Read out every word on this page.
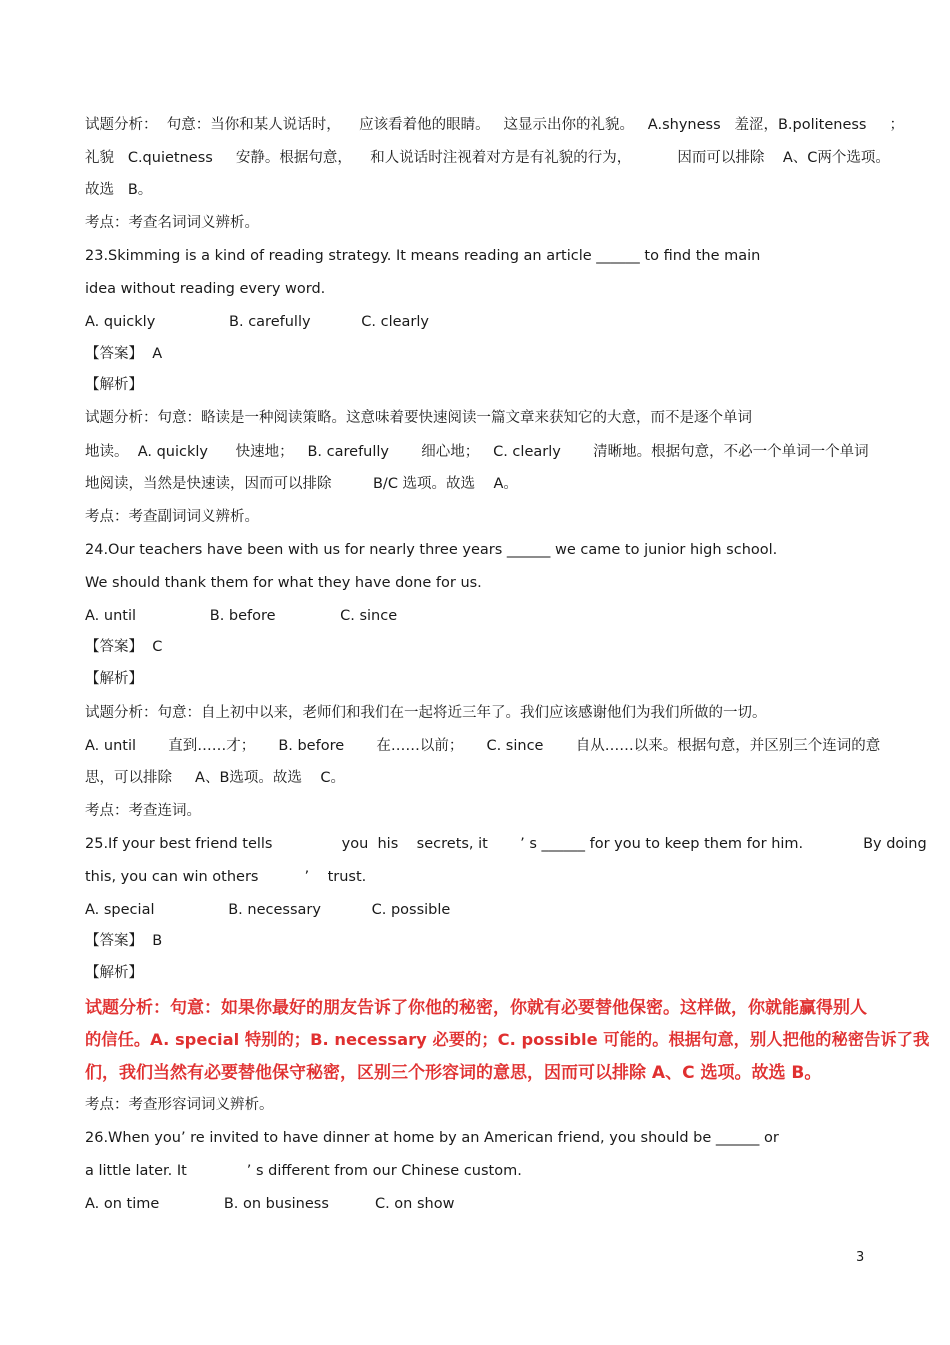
试题分析：  句意：当你和某人说话时，    应该看着他的眼睛。   这显示出你的礼貌。   A.shyness   羞涩，B.politeness     ；
礼貌   C.quietness     安静。根据句意，    和人说话时注视着对方是有礼貌的行为，          因而可以排除    A、C两个选项。
故选   B。
考点：考查名词词义辨析。
23.Skimming is a kind of reading strategy. It means reading an article ______ to find the main
idea without reading every word.
A. quickly                B. carefully           C. clearly
【答案】  A
【解析】
试题分析：句意：略读是一种阅读策略。这意味着要快速阅读一篇文章来获知它的大意，而不是逐个单词
地读。  A. quickly      快速地；   B. carefully       细心地；   C. clearly       清晰地。根据句意，不必一个单词一个单词
地阅读，当然是快速读，因而可以排除         B/C 选项。故选    A。
考点：考查副词词义辨析。
24.Our teachers have been with us for nearly three years ______ we came to junior high school.
We should thank them for what they have done for us.
A. until                B. before              C. since
【答案】  C
【解析】
试题分析：句意：自上初中以来，老师们和我们在一起将近三年了。我们应该感谢他们为我们所做的一切。
A. until       直到……才；     B. before       在……以前；     C. since       自从……以来。根据句意，并区别三个连词的意
思，可以排除     A、B选项。故选    C。
考点：考查连词。
25.If your best friend tells               you  his    secrets, it       ’ s ______ for you to keep them for him.             By doing
this, you can win others          ’    trust.
A. special                B. necessary           C. possible
【答案】  B
【解析】
试题分析：句意：如果你最好的朋友告诉了你他的秘密，你就有必要替他保密。这样做，你就能赢得别人
的信任。A. special 特别的；B. necessary 必要的；C. possible 可能的。根据句意，别人把他的秘密告诉了我
们，我们当然有必要替他保守秘密，区别三个形容词的意思，因而可以排除 A、C 选项。故选 B。
考点：考查形容词词义辨析。
26.When you’ re invited to have dinner at home by an American friend, you should be ______ or
a little later. It             ’ s different from our Chinese custom.
A. on time              B. on business          C. on show
3
